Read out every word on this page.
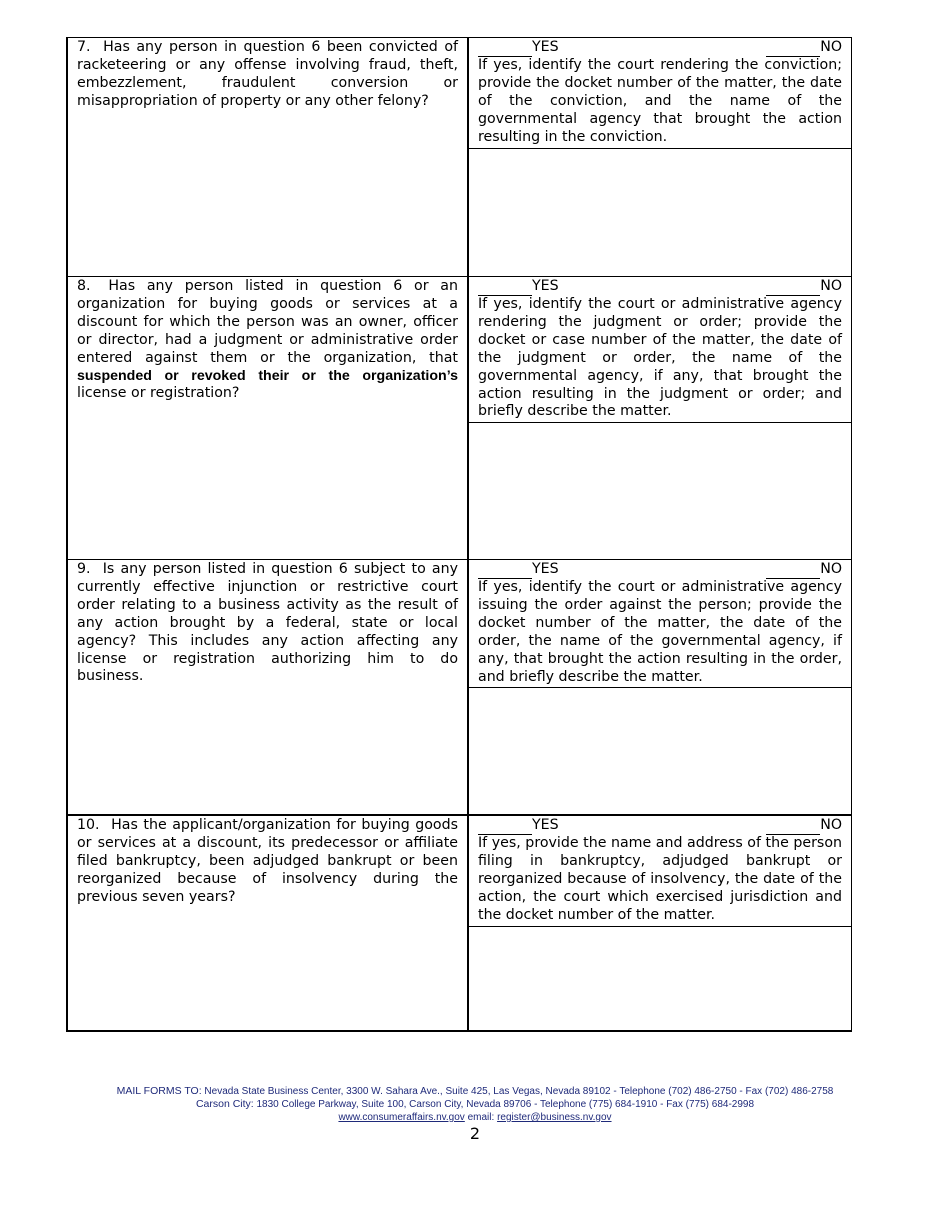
7. Has any person in question 6 been convicted of racketeering or any offense involving fraud, theft, embezzlement, fraudulent conversion or misappropriation of property or any other felony?
YES	NO
If yes, identify the court rendering the conviction; provide the docket number of the matter, the date of the conviction, and the name of the governmental agency that brought the action resulting in the conviction.
8. Has any person listed in question 6 or an organization for buying goods or services at a discount for which the person was an owner, officer or director, had a judgment or administrative order entered against them or the organization, that suspended or revoked their or the organization’s license or registration?
YES	NO
If yes, identify the court or administrative agency rendering the judgment or order; provide the docket or case number of the matter, the date of the judgment or order, the name of the governmental agency, if any, that brought the action resulting in the judgment or order; and briefly describe the matter.
9. Is any person listed in question 6 subject to any currently effective injunction or restrictive court order relating to a business activity as the result of any action brought by a federal, state or local agency? This includes any action affecting any license or registration authorizing him to do business.
YES	NO
If yes, identify the court or administrative agency issuing the order against the person; provide the docket number of the matter, the date of the order, the name of the governmental agency, if any, that brought the action resulting in the order, and briefly describe the matter.
10. Has the applicant/organization for buying goods or services at a discount, its predecessor or affiliate filed bankruptcy, been adjudged bankrupt or been reorganized because of insolvency during the previous seven years?
YES	NO
If yes, provide the name and address of the person filing in bankruptcy, adjudged bankrupt or reorganized because of insolvency, the date of the action, the court which exercised jurisdiction and the docket number of the matter.
MAIL FORMS TO: Nevada State Business Center, 3300 W. Sahara Ave., Suite 425, Las Vegas, Nevada 89102 - Telephone (702) 486-2750 - Fax (702) 486-2758
Carson City: 1830 College Parkway, Suite 100, Carson City, Nevada 89706 - Telephone (775) 684-1910 - Fax (775) 684-2998
www.consumeraffairs.nv.gov email: register@business.nv.gov
2
